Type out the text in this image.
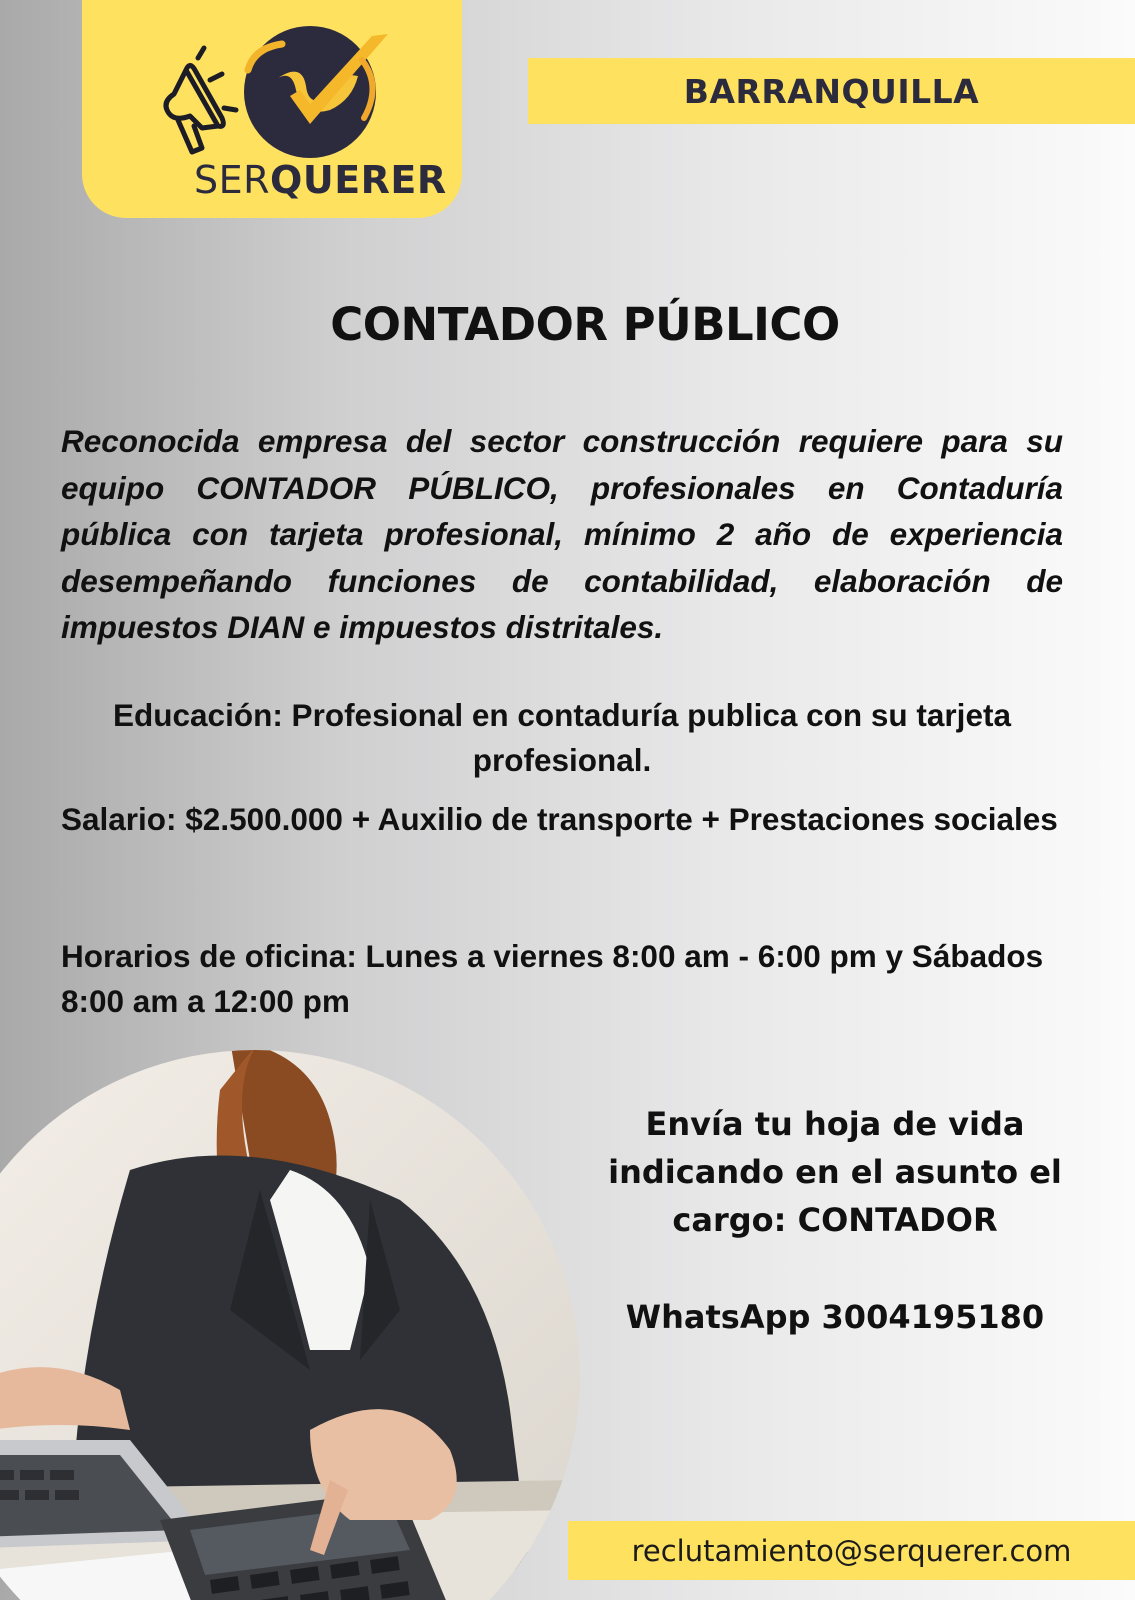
SERQUERER
BARRANQUILLA
CONTADOR PÚBLICO

Reconocida empresa del sector construcción requiere para su equipo CONTADOR PÚBLICO, profesionales en Contaduría pública con tarjeta profesional, mínimo 2 año de experiencia desempeñando funciones de contabilidad, elaboración de impuestos DIAN e impuestos distritales.

Educación: Profesional en contaduría publica con su tarjeta profesional.

Salario: $2.500.000 + Auxilio de transporte + Prestaciones sociales

Horarios de oficina: Lunes a viernes 8:00 am - 6:00 pm y Sábados 8:00 am a 12:00 pm

Envía tu hoja de vida indicando en el asunto el cargo: CONTADOR

WhatsApp 3004195180

reclutamiento@serquerer.com
